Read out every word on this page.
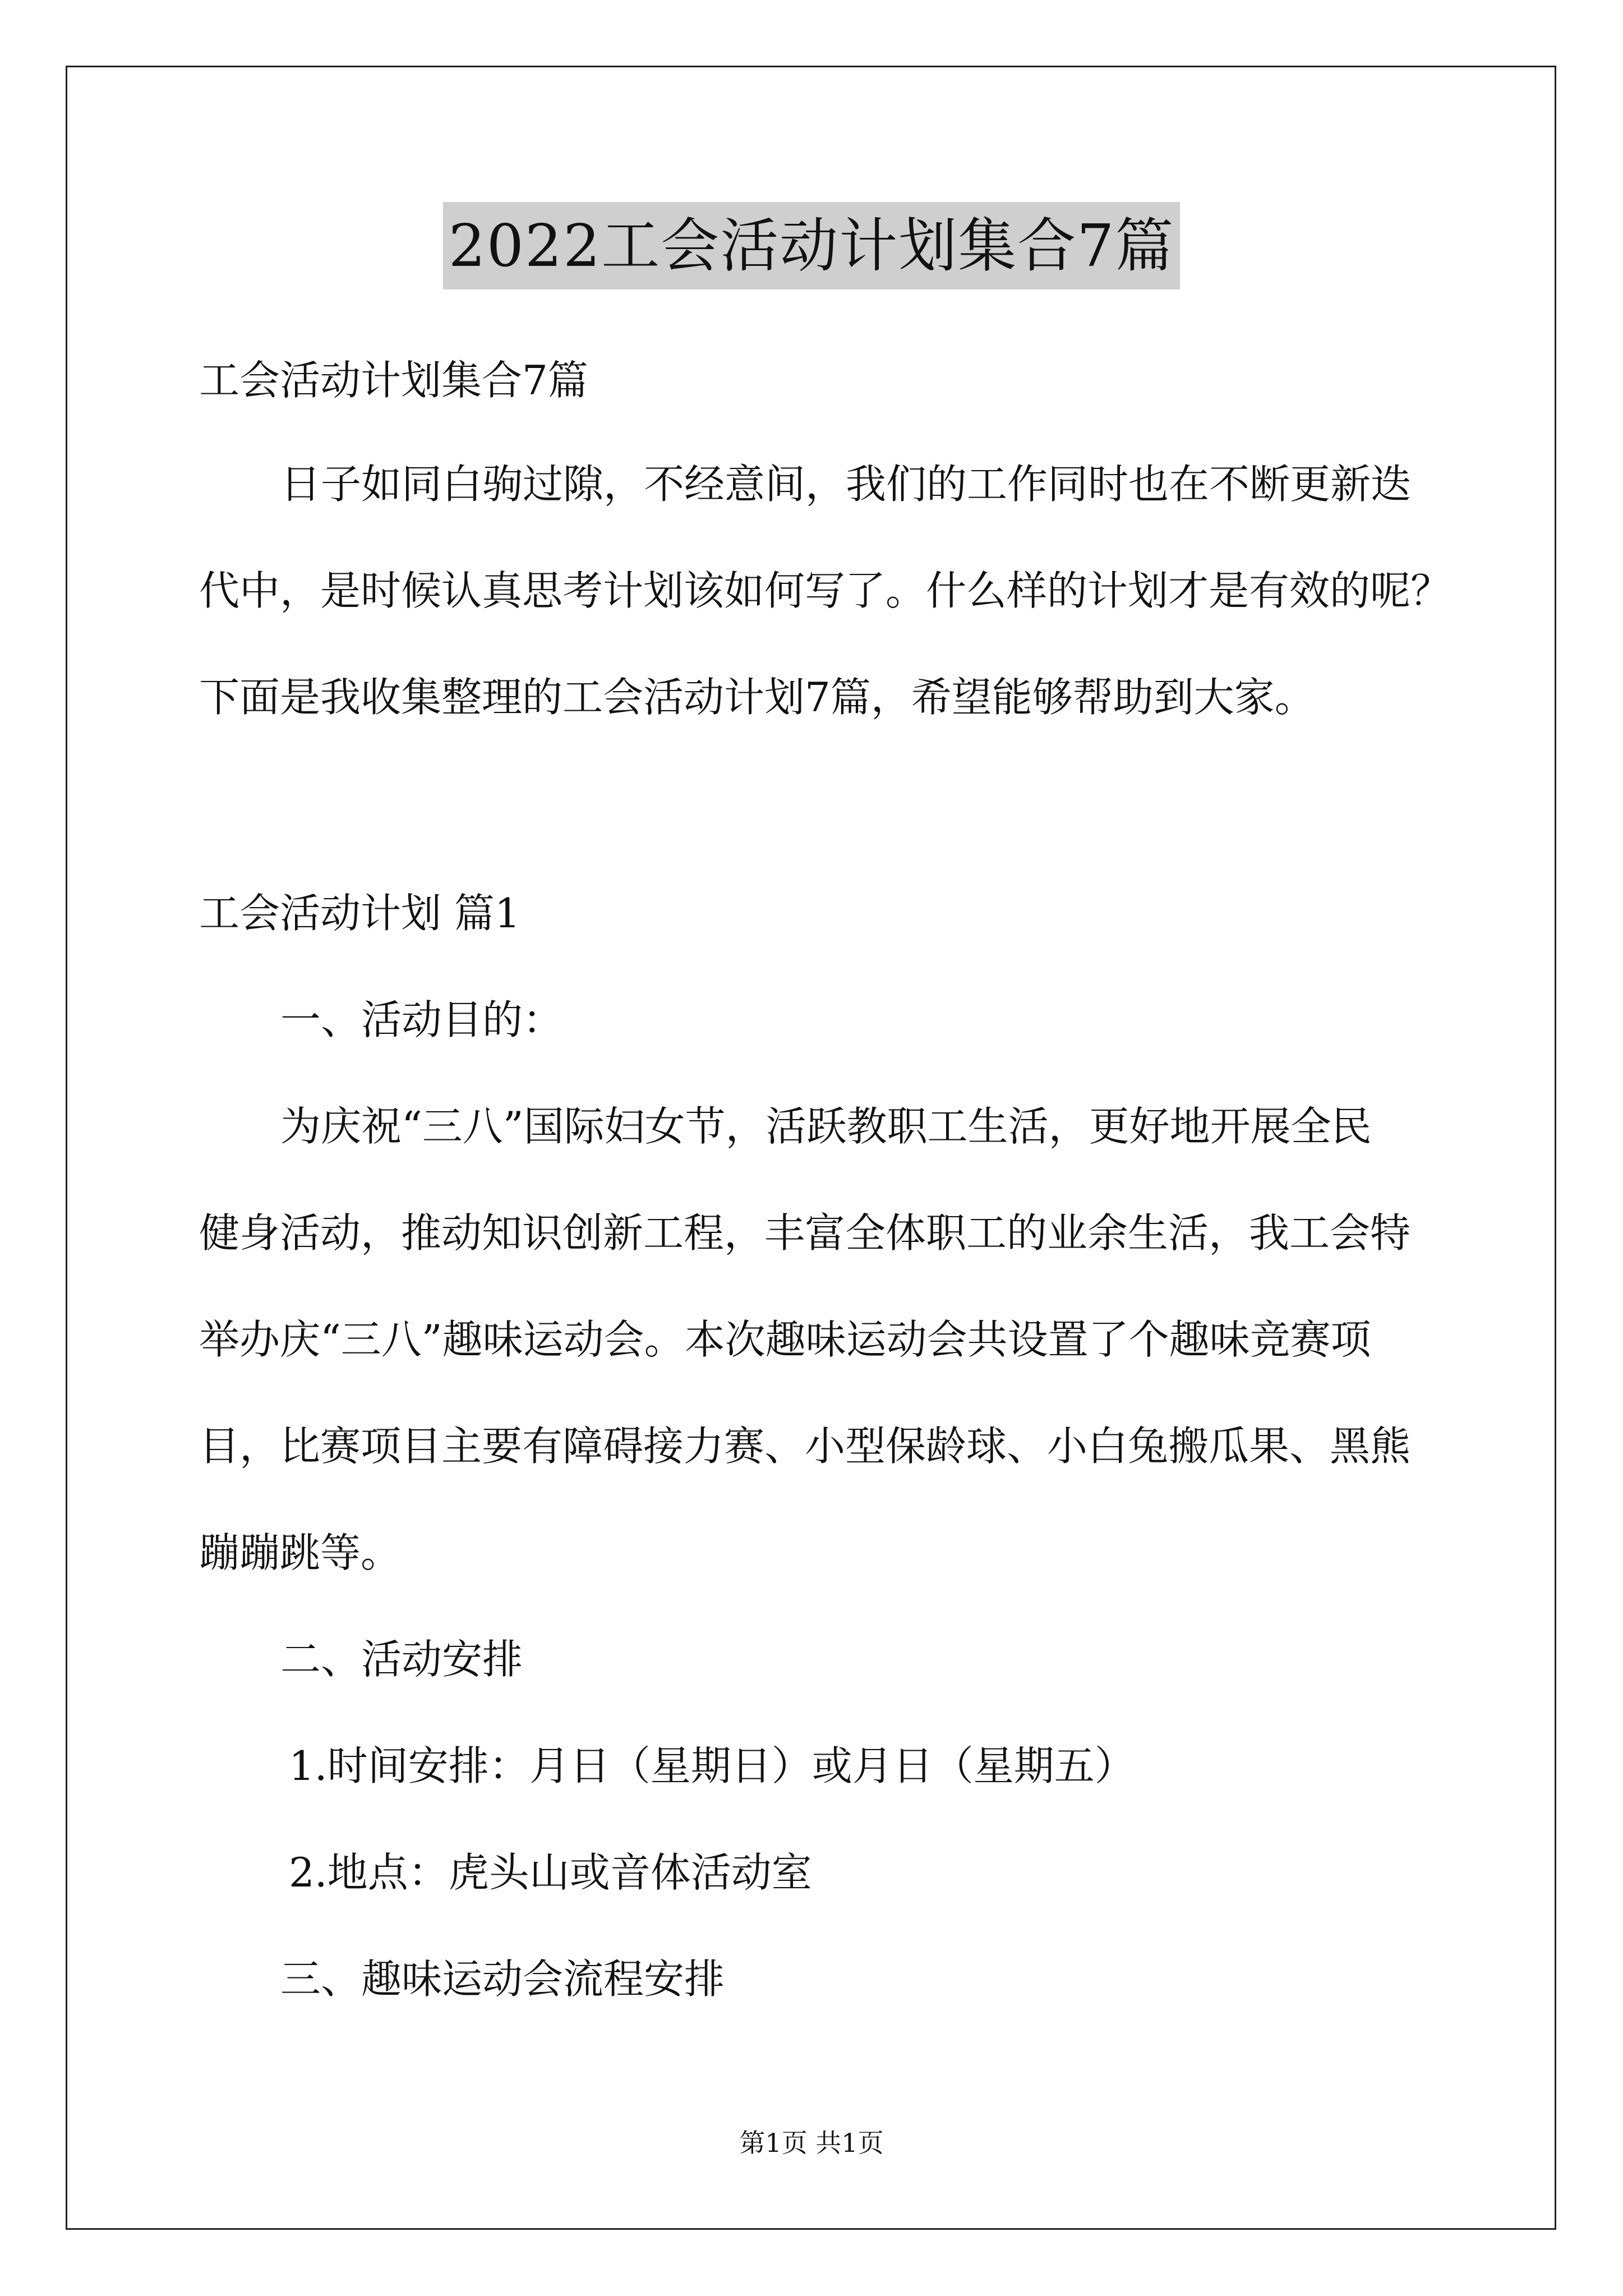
2022工会活动计划集合7篇
工会活动计划集合7篇
日子如同白驹过隙，不经意间，我们的工作同时也在不断更新迭
代中，是时候认真思考计划该如何写了。什么样的计划才是有效的呢？
下面是我收集整理的工会活动计划7篇，希望能够帮助到大家。
工会活动计划 篇1
一、活动目的：
为庆祝“三八”国际妇女节，活跃教职工生活，更好地开展全民
健身活动，推动知识创新工程，丰富全体职工的业余生活，我工会特
举办庆“三八”趣味运动会。本次趣味运动会共设置了个趣味竞赛项
目，比赛项目主要有障碍接力赛、小型保龄球、小白兔搬瓜果、黑熊
蹦蹦跳等。
二、活动安排
1.时间安排：月日（星期日）或月日（星期五）
2.地点：虎头山或音体活动室
三、趣味运动会流程安排
第1页 共1页
